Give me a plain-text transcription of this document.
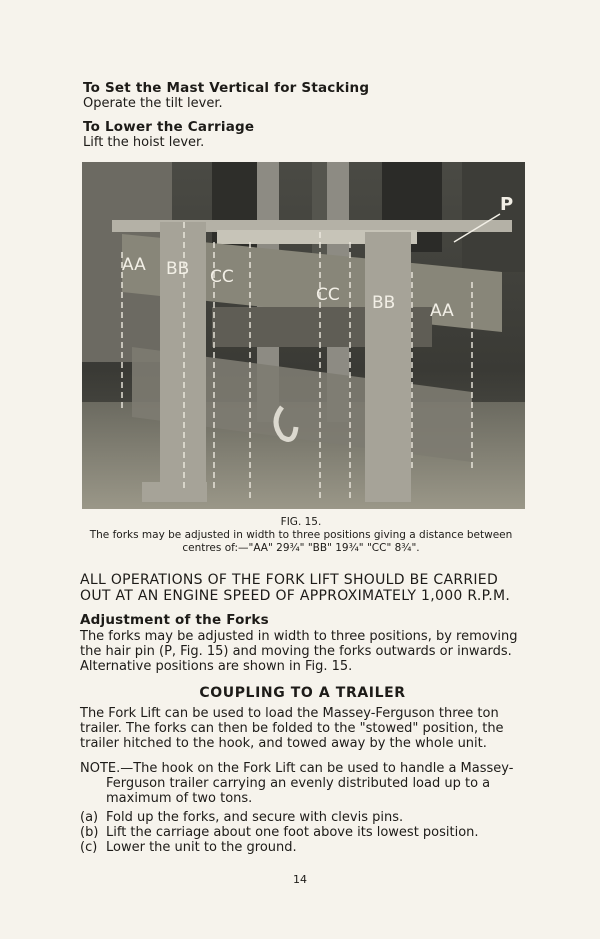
To Set the Mast Vertical for Stacking
Operate the tilt lever.
To Lower the Carriage
Lift the hoist lever.
AA BB CC
CC BB AA
P
FIG. 15.
The forks may be adjusted in width to three positions giving a distance between
centres of:—"AA" 29¾" "BB" 19¾" "CC" 8¾".
ALL OPERATIONS OF THE FORK LIFT SHOULD BE CARRIED
OUT AT AN ENGINE SPEED OF APPROXIMATELY 1,000 R.P.M.
Adjustment of the Forks
The forks may be adjusted in width to three positions, by removing
the hair pin (P, Fig. 15) and moving the forks outwards or inwards.
Alternative positions are shown in Fig. 15.
COUPLING TO A TRAILER
The Fork Lift can be used to load the Massey-Ferguson three ton
trailer. The forks can then be folded to the "stowed" position, the
trailer hitched to the hook, and towed away by the whole unit.
NOTE.—The hook on the Fork Lift can be used to handle a Massey-
Ferguson trailer carrying an evenly distributed load up to a
maximum of two tons.
(a) Fold up the forks, and secure with clevis pins.
(b) Lift the carriage about one foot above its lowest position.
(c) Lower the unit to the ground.
14
